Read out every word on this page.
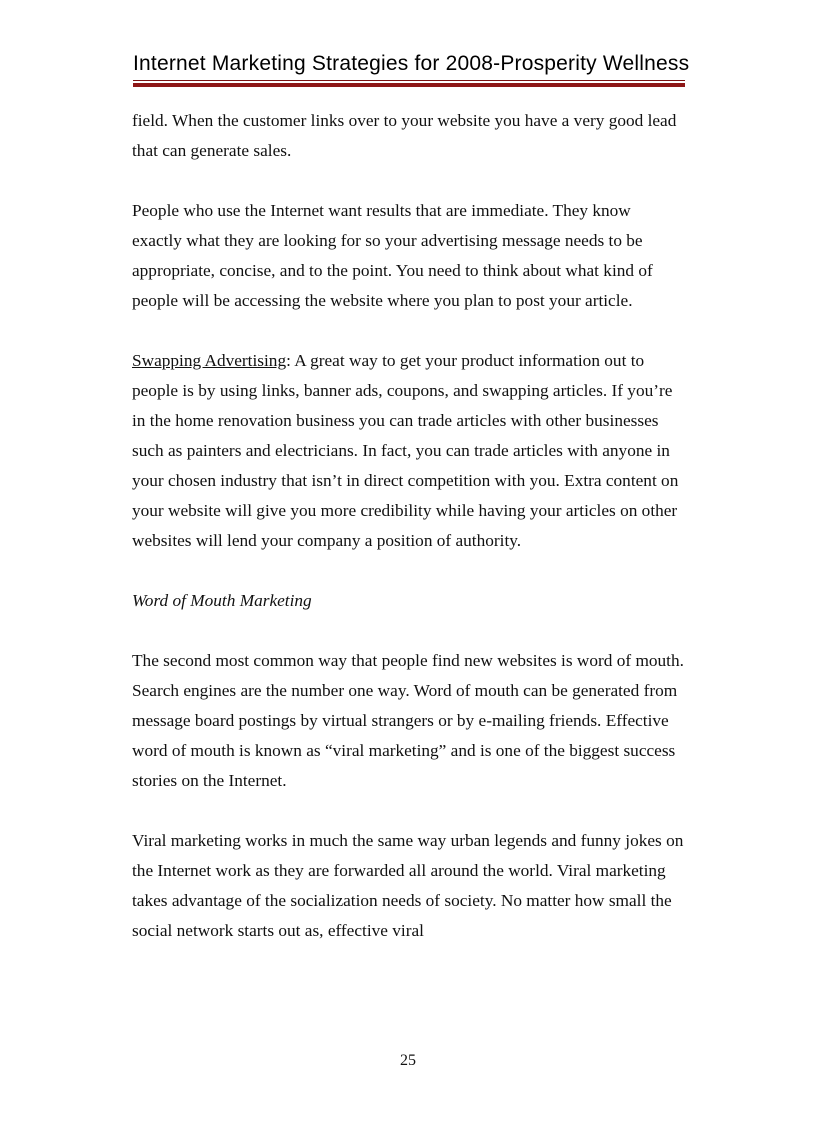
Internet Marketing Strategies for 2008-Prosperity Wellness

field. When the customer links over to your website you have a very good lead that can generate sales.

People who use the Internet want results that are immediate. They know exactly what they are looking for so your advertising message needs to be appropriate, concise, and to the point. You need to think about what kind of people will be accessing the website where you plan to post your article.

Swapping Advertising: A great way to get your product information out to people is by using links, banner ads, coupons, and swapping articles. If you’re in the home renovation business you can trade articles with other businesses such as painters and electricians. In fact, you can trade articles with anyone in your chosen industry that isn’t in direct competition with you. Extra content on your website will give you more credibility while having your articles on other websites will lend your company a position of authority.

Word of Mouth Marketing

The second most common way that people find new websites is word of mouth. Search engines are the number one way. Word of mouth can be generated from message board postings by virtual strangers or by e-mailing friends. Effective word of mouth is known as “viral marketing” and is one of the biggest success stories on the Internet.

Viral marketing works in much the same way urban legends and funny jokes on the Internet work as they are forwarded all around the world. Viral marketing takes advantage of the socialization needs of society. No matter how small the social network starts out as, effective viral

25
